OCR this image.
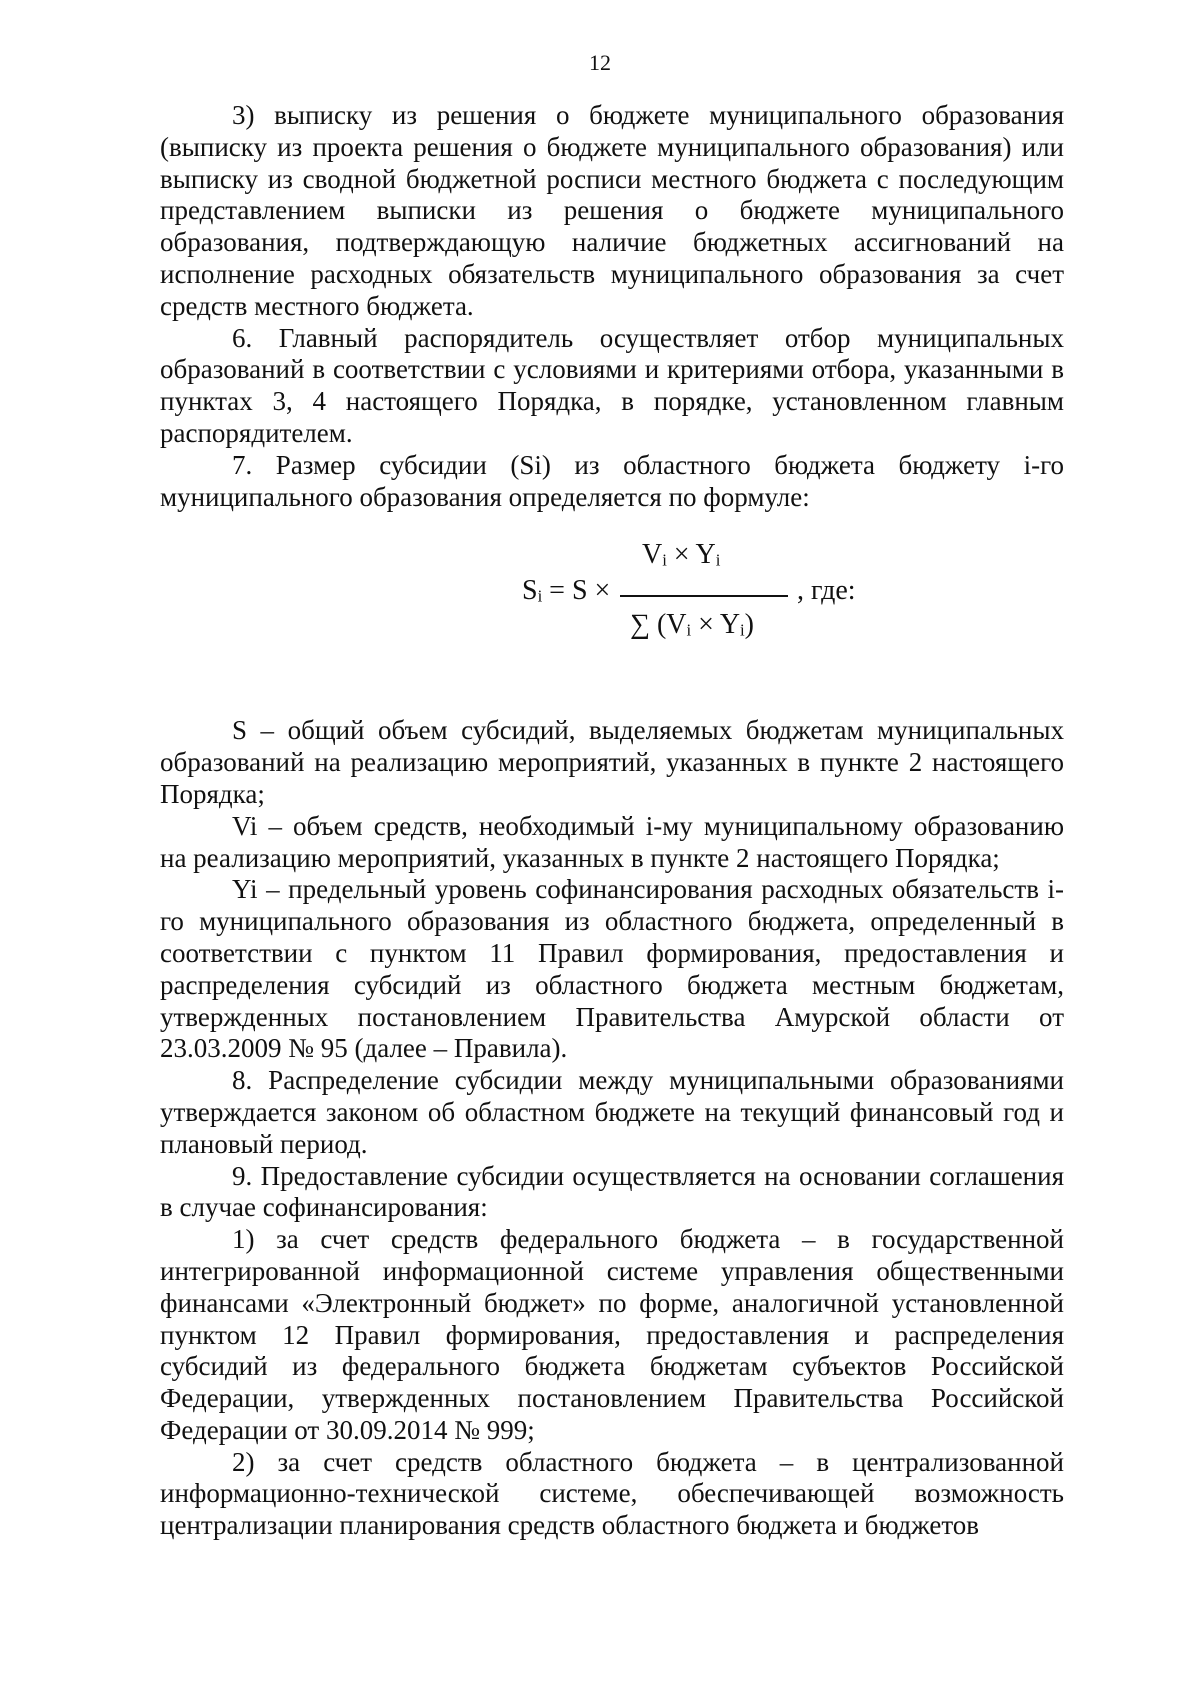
12

3) выписку из решения о бюджете муниципального образования (выписку из проекта решения о бюджете муниципального образования) или выписку из сводной бюджетной росписи местного бюджета с последующим представлением выписки из решения о бюджете муниципального образования, подтверждающую наличие бюджетных ассигнований на исполнение расходных обязательств муниципального образования за счет средств местного бюджета.

6. Главный распорядитель осуществляет отбор муниципальных образований в соответствии с условиями и критериями отбора, указанными в пунктах 3, 4 настоящего Порядка, в порядке, установленном главным распорядителем.

7. Размер субсидии (Si) из областного бюджета бюджету i-го муниципального образования определяется по формуле:

Sᵢ = S ×
Vᵢ × Yᵢ
∑ (Vᵢ × Yᵢ)
, где:

S – общий объем субсидий, выделяемых бюджетам муниципальных образований на реализацию мероприятий, указанных в пункте 2 настоящего Порядка;

Vi – объем средств, необходимый i-му муниципальному образованию на реализацию мероприятий, указанных в пункте 2 настоящего Порядка;

Yi – предельный уровень софинансирования расходных обязательств i-го муниципального образования из областного бюджета, определенный в соответствии с пунктом 11 Правил формирования, предоставления и распределения субсидий из областного бюджета местным бюджетам, утвержденных постановлением Правительства Амурской области от 23.03.2009 № 95 (далее – Правила).

8. Распределение субсидии между муниципальными образованиями утверждается законом об областном бюджете на текущий финансовый год и плановый период.

9. Предоставление субсидии осуществляется на основании соглашения в случае софинансирования:

1) за счет средств федерального бюджета – в государственной интегрированной информационной системе управления общественными финансами «Электронный бюджет» по форме, аналогичной установленной пунктом 12 Правил формирования, предоставления и распределения субсидий из федерального бюджета бюджетам субъектов Российской Федерации, утвержденных постановлением Правительства Российской Федерации от 30.09.2014 № 999;

2) за счет средств областного бюджета – в централизованной информационно-технической системе, обеспечивающей возможность централизации планирования средств областного бюджета и бюджетов
